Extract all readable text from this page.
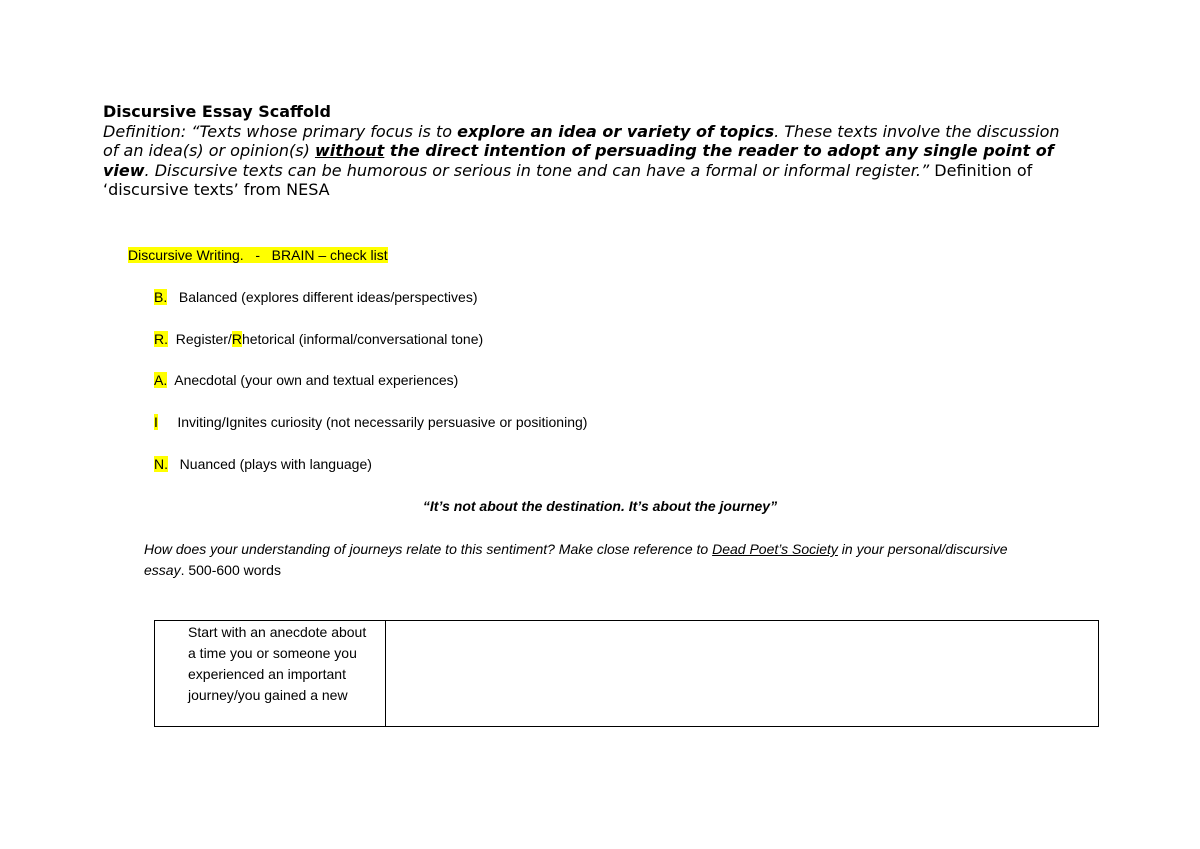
Discursive Essay Scaffold

Definition: “Texts whose primary focus is to explore an idea or variety of topics. These texts involve the discussion of an idea(s) or opinion(s) without the direct intention of persuading the reader to adopt any single point of view. Discursive texts can be humorous or serious in tone and can have a formal or informal register.” Definition of ‘discursive texts’ from NESA

Discursive Writing.   -   BRAIN – check list
B. Balanced (explores different ideas/perspectives)
R. Register/Rhetorical (informal/conversational tone)
A. Anecdotal (your own and textual experiences)
I Inviting/Ignites curiosity (not necessarily persuasive or positioning)
N. Nuanced (plays with language)
“It’s not about the destination. It’s about the journey”
How does your understanding of journeys relate to this sentiment? Make close reference to Dead Poet’s Society in your personal/discursive essay. 500-600 words
Start with an anecdote about a time you or someone you experienced an important journey/you gained a new
